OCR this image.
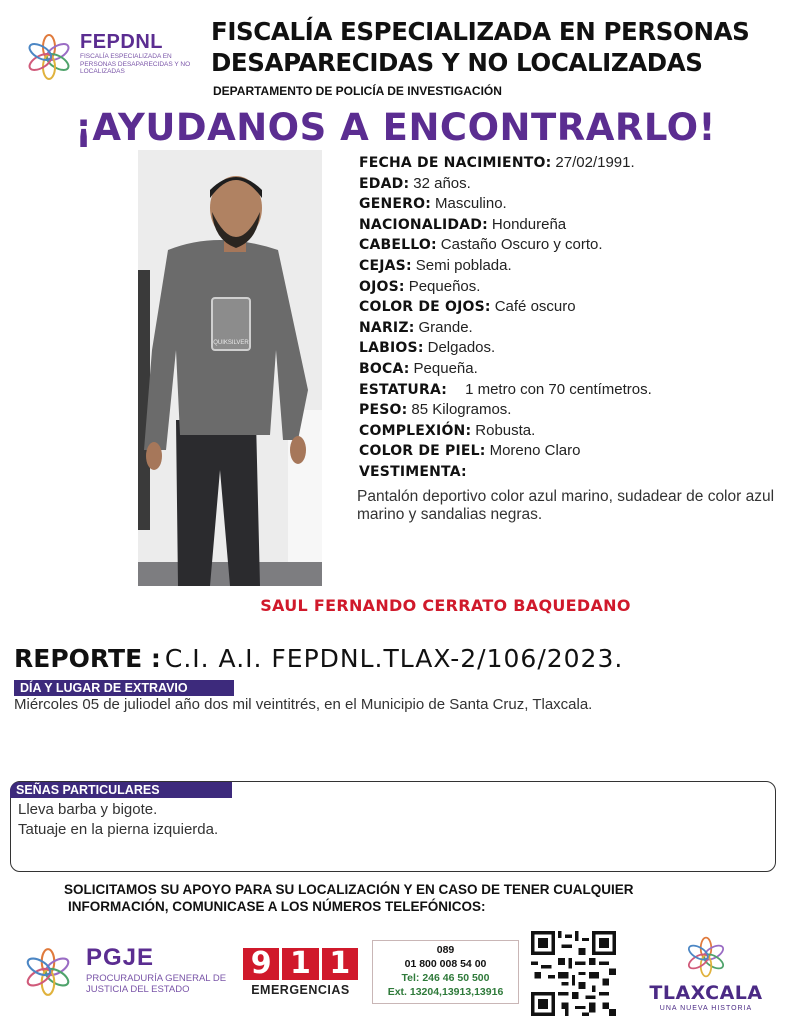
FEPDNL
FISCALÍA ESPECIALIZADA EN PERSONAS DESAPARECIDAS Y NO LOCALIZADAS
FISCALÍA ESPECIALIZADA EN PERSONAS
DESAPARECIDAS Y NO LOCALIZADAS
DEPARTAMENTO DE POLICÍA DE INVESTIGACIÓN
¡AYUDANOS A ENCONTRARLO!
QUIKSILVER
FECHA DE NACIMIENTO: 27/02/1991.
EDAD: 32 años.
GENERO: Masculino.
NACIONALIDAD: Hondureña
CABELLO: Castaño Oscuro y corto.
CEJAS: Semi poblada.
OJOS: Pequeños.
COLOR DE OJOS: Café oscuro
NARIZ: Grande.
LABIOS: Delgados.
BOCA: Pequeña.
ESTATURA: 1 metro con 70 centímetros.
PESO: 85 Kilogramos.
COMPLEXIÓN: Robusta.
COLOR DE PIEL: Moreno Claro
VESTIMENTA:
Pantalón deportivo color azul marino, sudadear de color azul marino y sandalias negras.
SAUL FERNANDO CERRATO BAQUEDANO
REPORTE : C.I. A.I. FEPDNL.TLAX-2/106/2023.
DÍA Y LUGAR DE EXTRAVIO
Miércoles 05 de juliodel año dos mil veintitrés, en el Municipio de Santa Cruz, Tlaxcala.
SEÑAS PARTICULARES
Lleva barba y bigote.
Tatuaje en la pierna izquierda.
SOLICITAMOS SU APOYO PARA SU LOCALIZACIÓN Y EN CASO DE TENER CUALQUIER
INFORMACIÓN, COMUNICASE A LOS NÚMEROS TELEFÓNICOS:
PGJE
PROCURADURÍA GENERAL DE JUSTICIA DEL ESTADO
9 1 1
EMERGENCIAS
089
01 800 008 54 00
Tel: 246 46 50 500
Ext. 13204,13913,13916	TLAXCALA
UNA NUEVA HISTORIA
